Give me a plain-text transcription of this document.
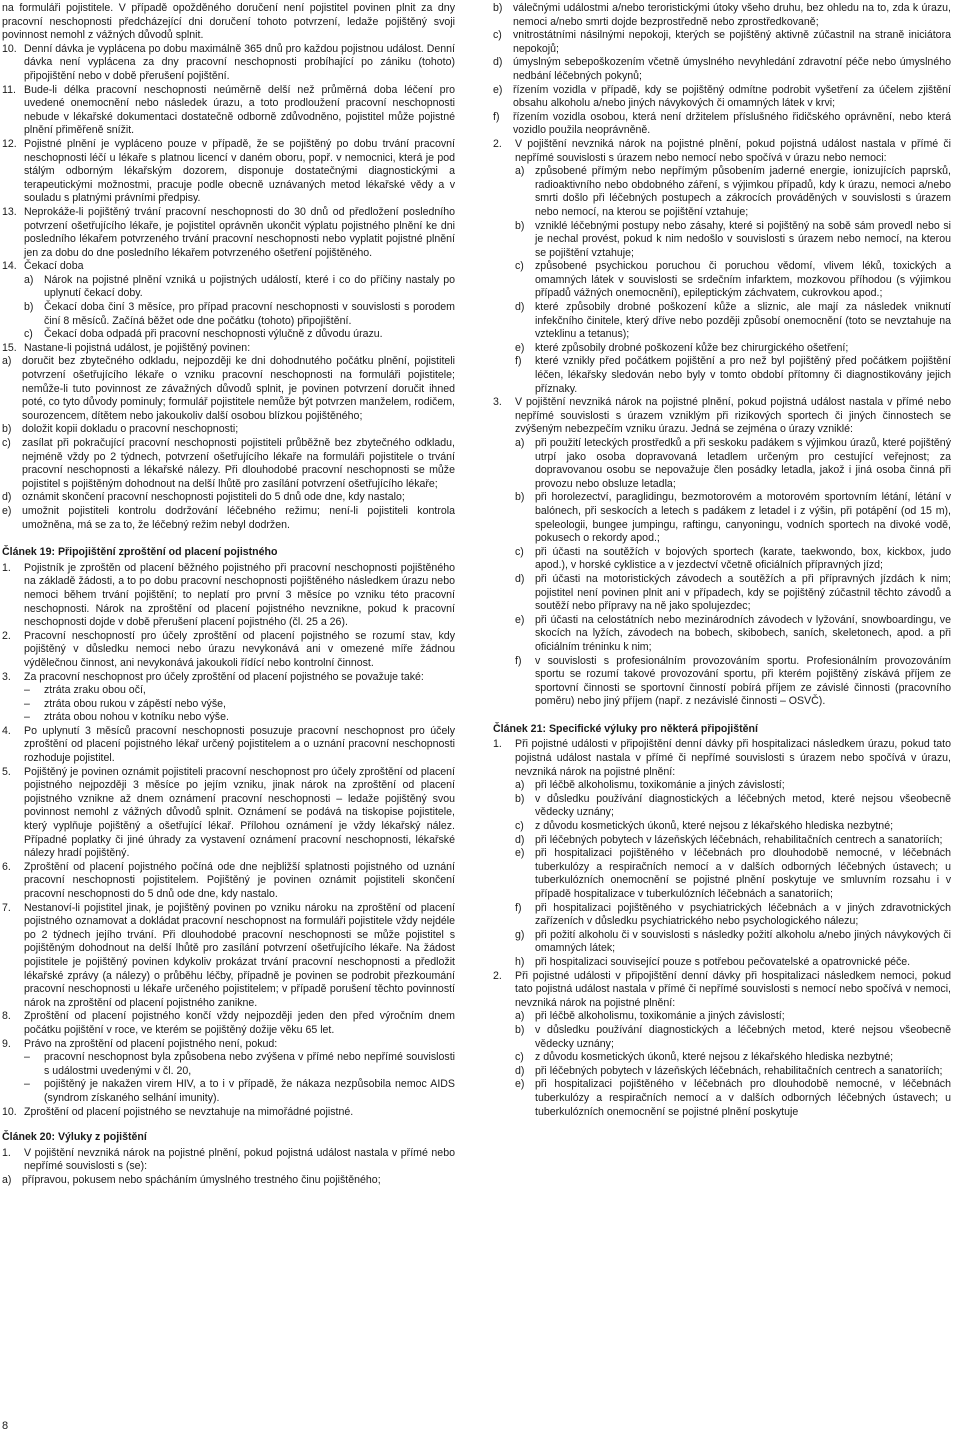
na formuláři pojistitele. V případě opožděného doručení není pojistitel povinen plnit za dny pracovní neschopnosti předcházející dni doručení tohoto potvrzení, ledaže pojištěný svoji povinnost nemohl z vážných důvodů splnit.

10. Denní dávka je vyplácena po dobu maximálně 365 dnů pro každou pojistnou událost. Denní dávka není vyplácena za dny pracovní neschopnosti probíhající po zániku (tohoto) připojištění nebo v době přerušení pojištění.
11. Bude-li délka pracovní neschopnosti neúměrně delší než průměrná doba léčení pro uvedené onemocnění nebo následek úrazu, a toto prodloužení pracovní neschopnosti nebude v lékařské dokumentaci dostatečně odborně zdůvodněno, pojistitel může pojistné plnění přiměřeně snížit.
12. Pojistné plnění je vypláceno pouze v případě, že se pojištěný po dobu trvání pracovní neschopnosti léčí u lékaře s platnou licencí v daném oboru, popř. v nemocnici, která je pod stálým odborným lékařským dozorem, disponuje dostatečnými diagnostickými a terapeutickými možnostmi, pracuje podle obecně uznávaných metod lékařské vědy a v souladu s platnými právními předpisy.
13. Neprokáže-li pojištěný trvání pracovní neschopnosti do 30 dnů od předložení posledního potvrzení ošetřujícího lékaře, je pojistitel oprávněn ukončit výplatu pojistného plnění ke dni posledního lékařem potvrzeného trvání pracovní neschopnosti nebo vyplatit pojistné plnění jen za dobu do dne posledního lékařem potvrzeného ošetření pojištěného.
14. Čekací doba
a) Nárok na pojistné plnění vzniká u pojistných událostí, které i co do příčiny nastaly po uplynutí čekací doby.
b) Čekací doba činí 3 měsíce, pro případ pracovní neschopnosti v souvislosti s porodem činí 8 měsíců. Začíná běžet ode dne počátku (tohoto) připojištění.
c) Čekací doba odpadá při pracovní neschopnosti výlučně z důvodu úrazu.
15. Nastane-li pojistná událost, je pojištěný povinen:
a) doručit bez zbytečného odkladu, nejpozději ke dni dohodnutého počátku plnění, pojistiteli potvrzení ošetřujícího lékaře o vzniku pracovní neschopnosti na formuláři pojistitele; nemůže-li tuto povinnost ze závažných důvodů splnit, je povinen potvrzení doručit ihned poté, co tyto důvody pominuly; formulář pojistitele nemůže být potvrzen manželem, rodičem, sourozencem, dítětem nebo jakoukoliv další osobou blízkou pojištěného;
b) doložit kopii dokladu o pracovní neschopnosti;
c) zasílat při pokračující pracovní neschopnosti pojistiteli průběžně bez zbytečného odkladu, nejméně vždy po 2 týdnech, potvrzení ošetřujícího lékaře na formuláři pojistitele o trvání pracovní neschopnosti a lékařské nálezy. Při dlouhodobé pracovní neschopnosti se může pojistitel s pojištěným dohodnout na delší lhůtě pro zasílání potvrzení ošetřujícího lékaře;
d) oznámit skončení pracovní neschopnosti pojistiteli do 5 dnů ode dne, kdy nastalo;
e) umožnit pojistiteli kontrolu dodržování léčebného režimu; není-li pojistiteli kontrola umožněna, má se za to, že léčebný režim nebyl dodržen.
Článek 19: Připojištění zproštění od placení pojistného
1. Pojistník je zproštěn od placení běžného pojistného při pracovní neschopnosti pojištěného na základě žádosti, a to po dobu pracovní neschopnosti pojištěného následkem úrazu nebo nemoci během trvání pojištění; to neplatí pro první 3 měsíce po vzniku této pracovní neschopnosti. Nárok na zproštění od placení pojistného nevznikne, pokud k pracovní neschopnosti dojde v době přerušení placení pojistného (čl. 25 a 26).
2. Pracovní neschopností pro účely zproštění od placení pojistného se rozumí stav, kdy pojištěný v důsledku nemoci nebo úrazu nevykonává ani v omezené míře žádnou výdělečnou činnost, ani nevykonává jakoukoli řídící nebo kontrolní činnost.
3. Za pracovní neschopnost pro účely zproštění od placení pojistného se považuje také:
– ztráta zraku obou očí,
– ztráta obou rukou v zápěstí nebo výše,
– ztráta obou nohou v kotníku nebo výše.
4. Po uplynutí 3 měsíců pracovní neschopnosti posuzuje pracovní neschopnost pro účely zproštění od placení pojistného lékař určený pojistitelem a o uznání pracovní neschopnosti rozhoduje pojistitel.
5. Pojištěný je povinen oznámit pojistiteli pracovní neschopnost pro účely zproštění od placení pojistného nejpozději 3 měsíce po jejím vzniku, jinak nárok na zproštění od placení pojistného vznikne až dnem oznámení pracovní neschopnosti – ledaže pojištěný svou povinnost nemohl z vážných důvodů splnit. Oznámení se podává na tiskopise pojistitele, který vyplňuje pojištěný a ošetřující lékař. Přílohou oznámení je vždy lékařský nález. Případné poplatky či jiné úhrady za vystavení oznámení pracovní neschopnosti, lékařské nálezy hradí pojištěný.
6. Zproštění od placení pojistného počíná ode dne nejbližší splatnosti pojistného od uznání pracovní neschopnosti pojistitelem. Pojištěný je povinen oznámit pojistiteli skončení pracovní neschopnosti do 5 dnů ode dne, kdy nastalo.
7. Nestanoví-li pojistitel jinak, je pojištěný povinen po vzniku nároku na zproštění od placení pojistného oznamovat a dokládat pracovní neschopnost na formuláři pojistitele vždy nejdéle po 2 týdnech jejího trvání. Při dlouhodobé pracovní neschopnosti se může pojistitel s pojištěným dohodnout na delší lhůtě pro zasílání potvrzení ošetřujícího lékaře. Na žádost pojistitele je pojištěný povinen kdykoliv prokázat trvání pracovní neschopnosti a předložit lékařské zprávy (a nálezy) o průběhu léčby, případně je povinen se podrobit přezkoumání pracovní neschopnosti u lékaře určeného pojistitelem; v případě porušení těchto povinností nárok na zproštění od placení pojistného zanikne.
8. Zproštění od placení pojistného končí vždy nejpozději jeden den před výročním dnem počátku pojištění v roce, ve kterém se pojištěný dožije věku 65 let.
9. Právo na zproštění od placení pojistného není, pokud:
– pracovní neschopnost byla způsobena nebo zvýšena v přímé nebo nepřímé souvislosti s událostmi uvedenými v čl. 20,
– pojištěný je nakažen virem HIV, a to i v případě, že nákaza nezpůsobila nemoc AIDS (syndrom získaného selhání imunity).
10. Zproštění od placení pojistného se nevztahuje na mimořádné pojistné.
Článek 20: Výluky z pojištění
1. V pojištění nevzniká nárok na pojistné plnění, pokud pojistná událost nastala v přímé nebo nepřímé souvislosti s (se):
a) přípravou, pokusem nebo spácháním úmyslného trestného činu pojištěného;
b) válečnými událostmi a/nebo teroristickými útoky všeho druhu, bez ohledu na to, zda k úrazu, nemoci a/nebo smrti dojde bezprostředně nebo zprostředkovaně;
c) vnitrostátními násilnými nepokoji, kterých se pojištěný aktivně zúčastnil na straně iniciátora nepokojů;
d) úmyslným sebepoškozením včetně úmyslného nevyhledání zdravotní péče nebo úmyslného nedbání léčebných pokynů;
e) řízením vozidla v případě, kdy se pojištěný odmítne podrobit vyšetření za účelem zjištění obsahu alkoholu a/nebo jiných návykových či omamných látek v krvi;
f) řízením vozidla osobou, která není držitelem příslušného řidičského oprávnění, nebo která vozidlo použila neoprávněně.
2. V pojištění nevzniká nárok na pojistné plnění, pokud pojistná událost nastala v přímé či nepřímé souvislosti s úrazem nebo nemocí nebo spočívá v úrazu nebo nemoci:
a) způsobené přímým nebo nepřímým působením jaderné energie, ionizujících paprsků, radioaktivního nebo obdobného záření, s výjimkou případů, kdy k úrazu, nemoci a/nebo smrti došlo při léčebných postupech a zákrocích prováděných v souvislosti s úrazem nebo nemocí, na kterou se pojištění vztahuje;
b) vzniklé léčebnými postupy nebo zásahy, které si pojištěný na sobě sám provedl nebo si je nechal provést, pokud k nim nedošlo v souvislosti s úrazem nebo nemocí, na kterou se pojištění vztahuje;
c) způsobené psychickou poruchou či poruchou vědomí, vlivem léků, toxických a omamných látek v souvislosti se srdečním infarktem, mozkovou příhodou (s výjimkou případů vážných onemocnění), epileptickým záchvatem, cukrovkou apod.;
d) které způsobily drobné poškození kůže a sliznic, ale mají za následek vniknutí infekčního činitele, který dříve nebo později způsobí onemocnění (toto se nevztahuje na vzteklinu a tetanus);
e) které způsobily drobné poškození kůže bez chirurgického ošetření;
f) které vznikly před počátkem pojištění a pro než byl pojištěný před počátkem pojištění léčen, lékařsky sledován nebo byly v tomto období přítomny či diagnostikovány jejich příznaky.
3. V pojištění nevzniká nárok na pojistné plnění, pokud pojistná událost nastala v přímé nebo nepřímé souvislosti s úrazem vzniklým při rizikových sportech či jiných činnostech se zvýšeným nebezpečím vzniku úrazu. Jedná se zejména o úrazy vzniklé:
a) při použití leteckých prostředků a při seskoku padákem s výjimkou úrazů, které pojištěný utrpí jako osoba dopravovaná letadlem určeným pro cestující veřejnost; za dopravovanou osobu se nepovažuje člen posádky letadla, jakož i jiná osoba činná při provozu nebo obsluze letadla;
b) při horolezectví, paraglidingu, bezmotorovém a motorovém sportovním létání, létání v balónech, při seskocích a letech s padákem z letadel i z výšin, při potápění (od 15 m), speleologii, bungee jumpingu, raftingu, canyoningu, vodních sportech na divoké vodě, pokusech o rekordy apod.;
c) při účasti na soutěžích v bojových sportech (karate, taekwondo, box, kickbox, judo apod.), v horské cyklistice a v jezdectví včetně oficiálních přípravných jízd;
d) při účasti na motoristických závodech a soutěžích a při přípravných jízdách k nim; pojistitel není povinen plnit ani v případech, kdy se pojištěný zúčastnil těchto závodů a soutěží nebo přípravy na ně jako spolujezdec;
e) při účasti na celostátních nebo mezinárodních závodech v lyžování, snowboardingu, ve skocích na lyžích, závodech na bobech, skibobech, saních, skeletonech, apod. a při oficiálním tréninku k nim;
f) v souvislosti s profesionálním provozováním sportu. Profesionálním provozováním sportu se rozumí takové provozování sportu, při kterém pojištěný získává příjem ze sportovní činnosti se sportovní činností pobírá příjem ze závislé činnosti (pracovního poměru) nebo jiný příjem (např. z nezávislé činnosti – OSVČ).
Článek 21: Specifické výluky pro některá připojištění
1. Při pojistné události v připojištění denní dávky při hospitalizaci následkem úrazu, pokud tato pojistná událost nastala v přímé či nepřímé souvislosti s úrazem nebo spočívá v úrazu, nevzniká nárok na pojistné plnění:
a) při léčbě alkoholismu, toxikománie a jiných závislostí;
b) v důsledku používání diagnostických a léčebných metod, které nejsou všeobecně vědecky uznány;
c) z důvodu kosmetických úkonů, které nejsou z lékařského hlediska nezbytné;
d) při léčebných pobytech v lázeňských léčebnách, rehabilitačních centrech a sanatoriích;
e) při hospitalizaci pojištěného v léčebnách pro dlouhodobě nemocné, v léčebnách tuberkulózy a respiračních nemocí a v dalších odborných léčebných ústavech; u tuberkulózních onemocnění se pojistné plnění poskytuje ve smluvním rozsahu i v případě hospitalizace v tuberkulózních léčebnách a sanatoriích;
f) při hospitalizaci pojištěného v psychiatrických léčebnách a v jiných zdravotnických zařízeních v důsledku psychiatrického nebo psychologického nálezu;
g) při požití alkoholu či v souvislosti s následky požití alkoholu a/nebo jiných návykových či omamných látek;
h) při hospitalizaci související pouze s potřebou pečovatelské a opatrovnické péče.
2. Při pojistné události v připojištění denní dávky při hospitalizaci následkem nemoci, pokud tato pojistná událost nastala v přímé či nepřímé souvislosti s nemocí nebo spočívá v nemoci, nevzniká nárok na pojistné plnění:
a) při léčbě alkoholismu, toxikománie a jiných závislostí;
b) v důsledku používání diagnostických a léčebných metod, které nejsou všeobecně vědecky uznány;
c) z důvodu kosmetických úkonů, které nejsou z lékařského hlediska nezbytné;
d) při léčebných pobytech v lázeňských léčebnách, rehabilitačních centrech a sanatoriích;
e) při hospitalizaci pojištěného v léčebnách pro dlouhodobě nemocné, v léčebnách tuberkulózy a respiračních nemocí a v dalších odborných léčebných ústavech; u tuberkulózních onemocnění se pojistné plnění poskytuje
8
